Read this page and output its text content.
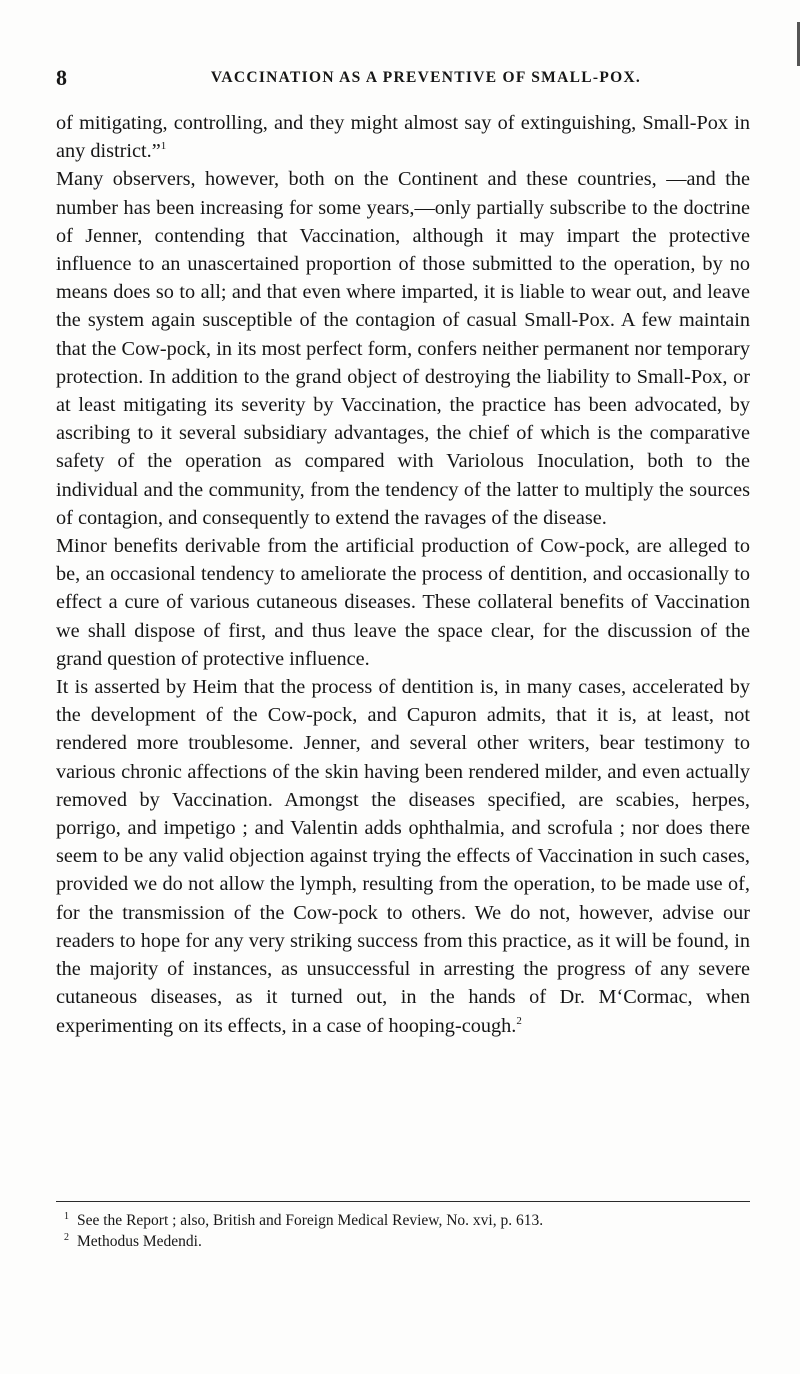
8	VACCINATION AS A PREVENTIVE OF SMALL-POX.

of mitigating, controlling, and they might almost say of extinguishing, Small-Pox in any district.”$^1$

Many observers, however, both on the Continent and these countries, —and the number has been increasing for some years,—only partially subscribe to the doctrine of Jenner, contending that Vaccination, although it may impart the protective influence to an unascertained proportion of those submitted to the operation, by no means does so to all; and that even where imparted, it is liable to wear out, and leave the system again susceptible of the contagion of casual Small-Pox. A few maintain that the Cow-pock, in its most perfect form, confers neither permanent nor temporary protection. In addition to the grand object of destroying the liability to Small-Pox, or at least mitigating its severity by Vaccination, the practice has been advocated, by ascribing to it several subsidiary advantages, the chief of which is the comparative safety of the operation as compared with Variolous Inoculation, both to the individual and the community, from the tendency of the latter to multiply the sources of contagion, and consequently to extend the ravages of the disease.

Minor benefits derivable from the artificial production of Cow-pock, are alleged to be, an occasional tendency to ameliorate the process of dentition, and occasionally to effect a cure of various cutaneous diseases. These collateral benefits of Vaccination we shall dispose of first, and thus leave the space clear, for the discussion of the grand question of protective influence.

It is asserted by Heim that the process of dentition is, in many cases, accelerated by the development of the Cow-pock, and Capuron admits, that it is, at least, not rendered more troublesome. Jenner, and several other writers, bear testimony to various chronic affections of the skin having been rendered milder, and even actually removed by Vaccination. Amongst the diseases specified, are scabies, herpes, porrigo, and impetigo ; and Valentin adds ophthalmia, and scrofula ; nor does there seem to be any valid objection against trying the effects of Vaccination in such cases, provided we do not allow the lymph, resulting from the operation, to be made use of, for the transmission of the Cow-pock to others. We do not, however, advise our readers to hope for any very striking success from this practice, as it will be found, in the majority of instances, as unsuccessful in arresting the progress of any severe cutaneous diseases, as it turned out, in the hands of Dr. M‘Cormac, when experimenting on its effects, in a case of hooping-cough.$^2$

$^1$ See the Report ; also, British and Foreign Medical Review, No. xvi, p. 613.
$^2$ Methodus Medendi.
